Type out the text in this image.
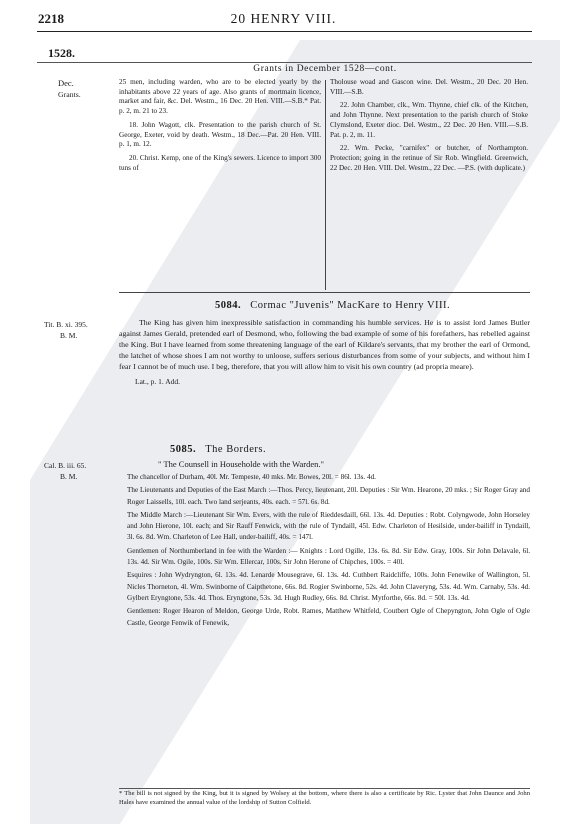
2218	20 HENRY VIII.
1528.
Grants in December 1528—cont.
Dec.
Grants.

25 men, including warden, who are to be elected yearly by the inhabitants above 22 years of age. Also grants of mortmain licence, market and fair, &c. Del. Westm., 16 Dec. 20 Hen. VIII.—S.B.* Pat. p. 2, m. 21 to 23.

18. John Wagott, clk. Presentation to the parish church of St. George, Exeter, void by death. Westm., 18 Dec.—Pat. 20 Hen. VIII. p. 1, m. 12.

20. Christ. Kemp, one of the King's sewers. Licence to import 300 tuns of

Tholouse woad and Gascon wine. Del. Westm., 20 Dec. 20 Hen. VIII.—S.B.

22. John Chamber, clk., Wm. Thynne, chief clk. of the Kitchen, and John Thynne. Next presentation to the parish church of Stoke Clymslond, Exeter dioc. Del. Westm., 22 Dec. 20 Hen. VIII.—S.B. Pat. p. 2, m. 11.

22. Wm. Pecke, "carnifex" or butcher, of Northampton. Protection; going in the retinue of Sir Rob. Wingfield. Greenwich, 22 Dec. 20 Hen. VIII. Del. Westm., 22 Dec. —P.S. (with duplicate.)

5084. Cormac "Juvenis" MacKare to Henry VIII.
Tit. B. xi. 395.
B. M.

The King has given him inexpressible satisfaction in commanding his humble services. He is to assist lord James Butler against James Gerald, pretended earl of Desmond, who, following the bad example of some of his forefathers, has rebelled against the King. But I have learned from some threatening language of the earl of Kildare's servants, that my brother the earl of Ormond, the latchet of whose shoes I am not worthy to unloose, suffers serious disturbances from some of your subjects, and without him I fear I cannot be of much use. I beg, therefore, that you will allow him to visit his own country (ad propria meare).

Lat., p. 1. Add.
5085. The Borders.
Cal. B. iii. 65.
B. M.
" The Counsell in Householde with the Warden."

The chancellor of Durham, 40l. Mr. Tempeste, 40 mks. Mr. Bowes, 20l. = 86l. 13s. 4d.

The Lieutenants and Deputies of the East March :—Thos. Percy, lieutenant, 20l. Deputies : Sir Wm. Hearone, 20 mks. ; Sir Roger Gray and Roger Laissells, 10l. each. Two land serjeants, 40s. each. = 57l. 6s. 8d.

The Middle March :—Lieutenant Sir Wm. Evers, with the rule of Rieddesdaill, 66l. 13s. 4d. Deputies : Robt. Colyngwode, John Horseley and John Hierone, 10l. each; and Sir Rauff Fenwick, with the rule of Tyndaill, 45l. Edw. Charleton of Hesilside, under-bailiff in Tyndaill, 3l. 6s. 8d. Wm. Charleton of Lee Hall, under-bailiff, 40s. = 147l.

Gentlemen of Northumberland in fee with the Warden :— Knights : Lord Ogille, 13s. 6s. 8d. Sir Edw. Gray, 100s. Sir John Delavale, 6l. 13s. 4d. Sir Wm. Ogile, 100s. Sir Wm. Ellercar, 100s. Sir John Herone of Chipches, 100s. = 40l.

Esquires : John Wydryngton, 6l. 13s. 4d. Lenarde Mousegrave, 6l. 13s. 4d. Cuthbert Raidcliffe, 100s. John Fenewike of Wallington, 5l. Nicles Thorneton, 4l. Wm. Swinborne of Caipthetone, 66s. 8d. Rogier Swinborne, 52s. 4d. John Claveryng, 53s. 4d. Wm. Carnaby, 53s. 4d. Gylbert Eryngtone, 53s. 4d. Thos. Eryngtone, 53s. 3d. Hugh Rudley, 66s. 8d. Christ. Mytforthe, 66s. 8d. = 50l. 13s. 4d.

Gentlemen: Roger Hearon of Meldon, George Urde, Robt. Rames, Matthew Whitfeld, Coutbert Ogle of Chepyngton, John Ogle of Ogle Castle, George Fenwik of Fenewik,

* The bill is not signed by the King, but it is signed by Wolsey at the bottom, where there is also a certificate by Ric. Lyster that John Daunce and John Hales have examined the annual value of the lordship of Sutton Colfield.
